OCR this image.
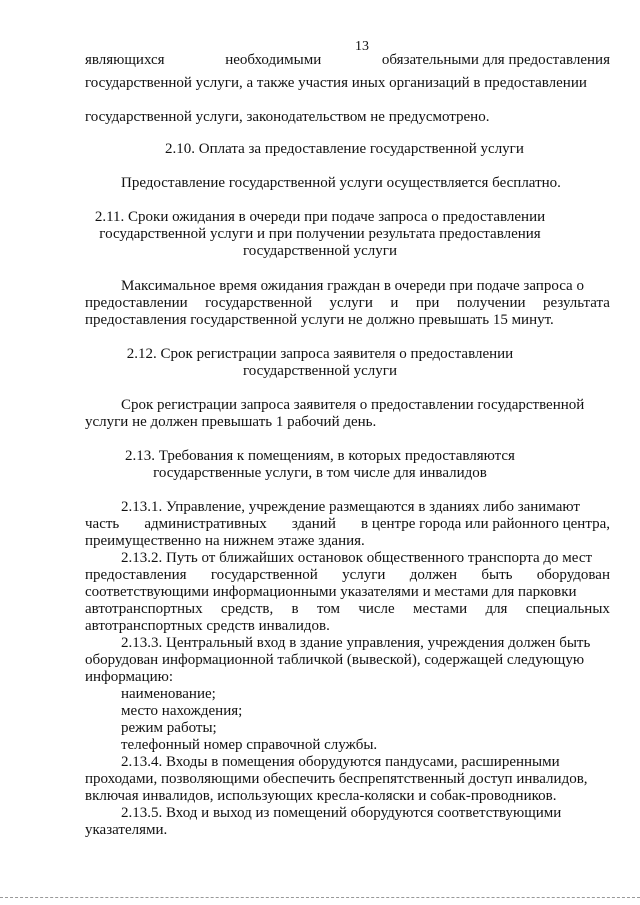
13
являющихся	необходимыми	обязательными для предоставления
государственной услуги, а также участия иных организаций в предоставлении
государственной услуги, законодательством не предусмотрено.
2.10. Оплата за предоставление государственной услуги
Предоставление государственной услуги осуществляется бесплатно.
2.11. Сроки ожидания в очереди при подаче запроса о предоставлении
государственной услуги и при получении результата предоставления
государственной услуги
Максимальное время ожидания граждан в очереди при подаче запроса о
предоставлении государственной услуги и при получении результата
предоставления государственной услуги не должно превышать 15 минут.
2.12. Срок регистрации запроса заявителя о предоставлении
государственной услуги
Срок регистрации запроса заявителя о предоставлении государственной
услуги не должен превышать 1 рабочий день.
2.13. Требования к помещениям, в которых предоставляются
государственные услуги, в том числе для инвалидов
2.13.1. Управление, учреждение размещаются в зданиях либо занимают
часть административных зданий в центре города или районного центра,
преимущественно на нижнем этаже здания.
2.13.2. Путь от ближайших остановок общественного транспорта до мест
предоставления государственной услуги должен быть оборудован
соответствующими информационными указателями и местами для парковки
автотранспортных средств, в том числе местами для специальных
автотранспортных средств инвалидов.
2.13.3. Центральный вход в здание управления, учреждения должен быть
оборудован информационной табличкой (вывеской), содержащей следующую
информацию:
наименование;
место нахождения;
режим работы;
телефонный номер справочной службы.
2.13.4. Входы в помещения оборудуются пандусами, расширенными
проходами, позволяющими обеспечить беспрепятственный доступ инвалидов,
включая инвалидов, использующих кресла-коляски и собак-проводников.
2.13.5. Вход и выход из помещений оборудуются соответствующими
указателями.
